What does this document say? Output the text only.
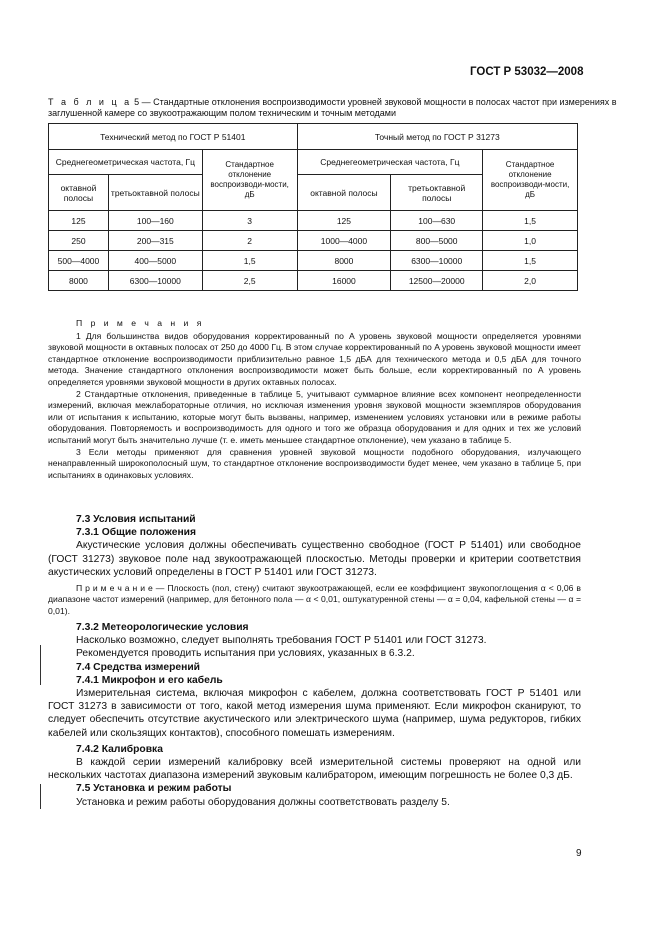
ГОСТ Р 53032—2008
Т а б л и ц а 5 — Стандартные отклонения воспроизводимости уровней звуковой мощности в полосах частот при измерениях в заглушенной камере со звукоотражающим полом техническим и точным методами
Технический метод по ГОСТ Р 51401			Точный метод по ГОСТ Р 31273		
Среднегеометрическая частота, Гц		Стандартное отклонение воспроизводи-мости, дБ	Среднегеометрическая частота, Гц		Стандартное отклонение воспроизводи-мости, дБ
октавной полосы	третьоктавной полосы		октавной полосы	третьоктавной полосы	
125	100—160	3	125	100—630	1,5
250	200—315	2	1000—4000	800—5000	1,0
500—4000	400—5000	1,5	8000	6300—10000	1,5
8000	6300—10000	2,5	16000	12500—20000	2,0

П р и м е ч а н и я

1 Для большинства видов оборудования корректированный по A уровень звуковой мощности определяется уровнями звуковой мощности в октавных полосах от 250 до 4000 Гц. В этом случае корректированный по A уровень звуковой мощности имеет стандартное отклонение воспроизводимости приблизительно равное 1,5 дБА для технического метода и 0,5 дБА для точного метода. Значение стандартного отклонения воспроизводимости может быть больше, если корректированный по A уровень определяется уровнями звуковой мощности в других октавных полосах.

2 Стандартные отклонения, приведенные в таблице 5, учитывают суммарное влияние всех компонент неопределенности измерений, включая межлабораторные отличия, но исключая изменения уровня звуковой мощности экземпляров оборудования или от испытания к испытанию, которые могут быть вызваны, например, изменением условиях установки или в режиме работы оборудования. Повторяемость и воспроизводимость для одного и того же образца оборудования и для одних и тех же условий испытаний могут быть значительно лучше (т. е. иметь меньшее стандартное отклонение), чем указано в таблице 5.

3 Если методы применяют для сравнения уровней звуковой мощности подобного оборудования, излучающего ненаправленный широкополосный шум, то стандартное отклонение воспроизводимости будет менее, чем указано в таблице 5, при испытаниях в одинаковых условиях.

7.3 Условия испытаний
7.3.1 Общие положения

Акустические условия должны обеспечивать существенно свободное (ГОСТ Р 51401) или свободное (ГОСТ 31273) звуковое поле над звукоотражающей плоскостью. Методы проверки и критерии соответствия акустических условий определены в ГОСТ Р 51401 или ГОСТ 31273.

П р и м е ч а н и е — Плоскость (пол, стену) считают звукоотражающей, если ее коэффициент звукопоглощения α < 0,06 в диапазоне частот измерений (например, для бетонного пола — α < 0,01, оштукатуренной стены — α = 0,04, кафельной стены — α = 0,01).

7.3.2 Метеорологические условия

Насколько возможно, следует выполнять требования ГОСТ Р 51401 или ГОСТ 31273.

Рекомендуется проводить испытания при условиях, указанных в 6.3.2.

7.4 Средства измерений
7.4.1 Микрофон и его кабель

Измерительная система, включая микрофон с кабелем, должна соответствовать ГОСТ Р 51401 или ГОСТ 31273 в зависимости от того, какой метод измерения шума применяют. Если микрофон сканируют, то следует обеспечить отсутствие акустического или электрического шума (например, шума редукторов, гибких кабелей или скользящих контактов), способного помешать измерениям.

7.4.2 Калибровка

В каждой серии измерений калибровку всей измерительной системы проверяют на одной или нескольких частотах диапазона измерений звуковым калибратором, имеющим погрешность не более 0,3 дБ.

7.5 Установка и режим работы

Установка и режим работы оборудования должны соответствовать разделу 5.

9
